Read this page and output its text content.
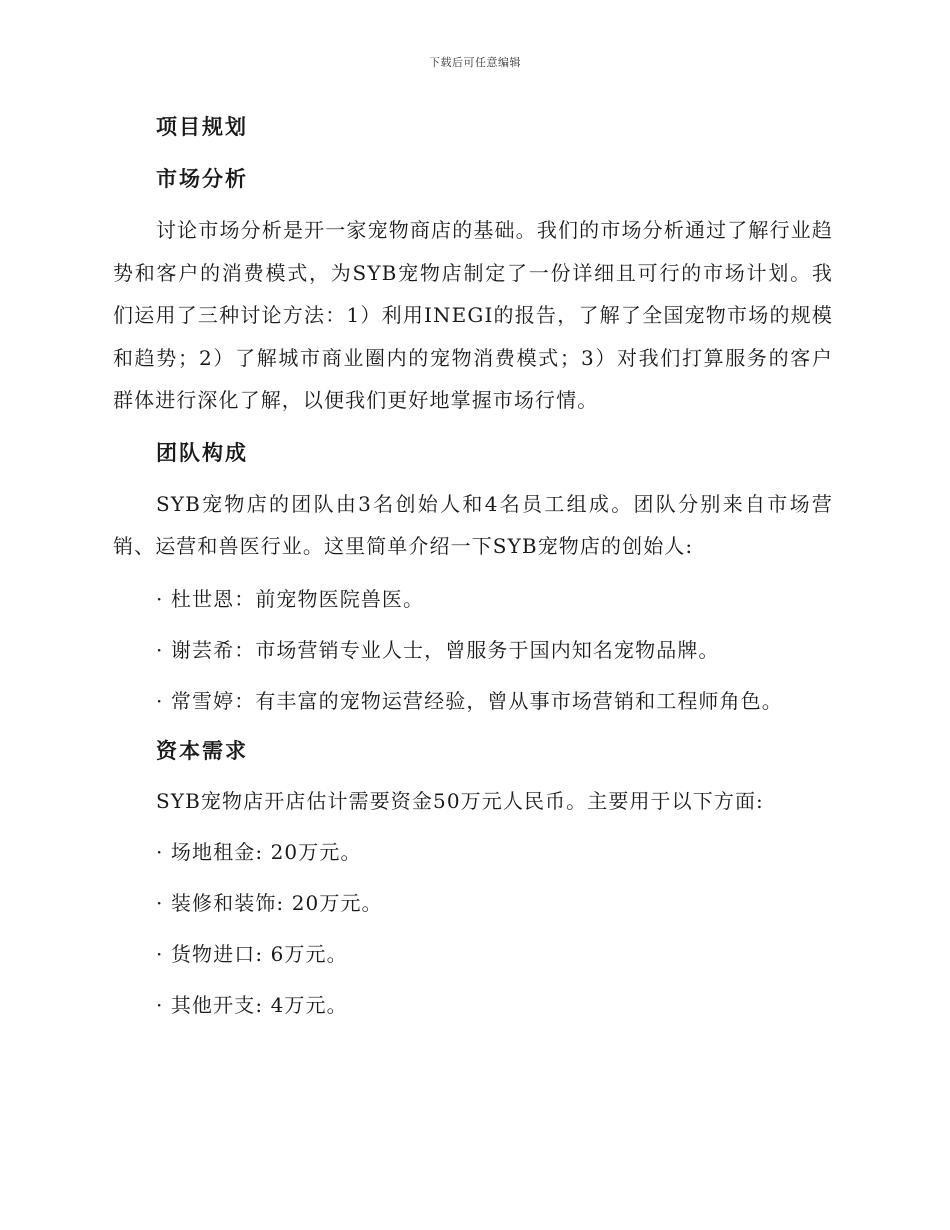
下载后可任意编辑
项目规划
市场分析

讨论市场分析是开一家宠物商店的基础。我们的市场分析通过了解行业趋势和客户的消费模式，为SYB宠物店制定了一份详细且可行的市场计划。我们运用了三种讨论方法：1）利用INEGI的报告，了解了全国宠物市场的规模和趋势；2）了解城市商业圈内的宠物消费模式；3）对我们打算服务的客户群体进行深化了解，以便我们更好地掌握市场行情。

团队构成

SYB宠物店的团队由3名创始人和4名员工组成。团队分别来自市场营销、运营和兽医行业。这里简单介绍一下SYB宠物店的创始人:

· 杜世恩：前宠物医院兽医。

· 谢芸希：市场营销专业人士，曾服务于国内知名宠物品牌。

· 常雪婷：有丰富的宠物运营经验，曾从事市场营销和工程师角色。

资本需求

SYB宠物店开店估计需要资金50万元人民币。主要用于以下方面:

· 场地租金: 20万元。

· 装修和装饰: 20万元。

· 货物进口: 6万元。

· 其他开支: 4万元。
